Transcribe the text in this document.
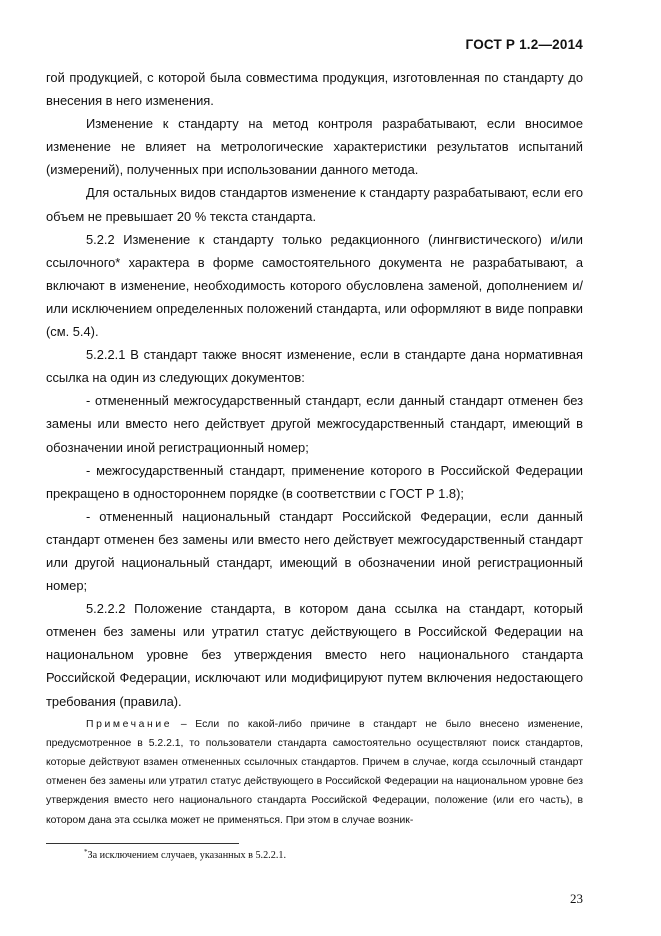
ГОСТ Р 1.2—2014

гой продукцией, с которой была совместима продукция, изготовленная по стандарту до внесения в него изменения.

Изменение к стандарту на метод контроля разрабатывают, если вносимое изменение не влияет на метрологические характеристики результатов испытаний (измерений), полученных при использовании данного метода.

Для остальных видов стандартов изменение к стандарту разрабатывают, если его объем не превышает 20 % текста стандарта.

5.2.2 Изменение к стандарту только редакционного (лингвистического) и/или ссылочного* характера в форме самостоятельного документа не разрабатывают, а включают в изменение, необходимость которого обусловлена заменой, дополнением и/или исключением определенных положений стандарта, или оформляют в виде поправки (см. 5.4).

5.2.2.1 В стандарт также вносят изменение, если в стандарте дана нормативная ссылка на один из следующих документов:

- отмененный межгосударственный стандарт, если данный стандарт отменен без замены или вместо него действует другой межгосударственный стандарт, имеющий в обозначении иной регистрационный номер;

- межгосударственный стандарт, применение которого в Российской Федерации прекращено в одностороннем порядке (в соответствии с ГОСТ Р 1.8);

- отмененный национальный стандарт Российской Федерации, если данный стандарт отменен без замены или вместо него действует межгосударственный стандарт или другой национальный стандарт, имеющий в обозначении иной регистрационный номер;

5.2.2.2 Положение стандарта, в котором дана ссылка на стандарт, который отменен без замены или утратил статус действующего в Российской Федерации на национальном уровне без утверждения вместо него национального стандарта Российской Федерации, исключают или модифицируют путем включения недостающего требования (правила).

Примечание – Если по какой-либо причине в стандарт не было внесено изменение, предусмотренное в 5.2.2.1, то пользователи стандарта самостоятельно осуществляют поиск стандартов, которые действуют взамен отмененных ссылочных стандартов. Причем в случае, когда ссылочный стандарт отменен без замены или утратил статус действующего в Российской Федерации на национальном уровне без утверждения вместо него национального стандарта Российской Федерации, положение (или его часть), в котором дана эта ссылка может не применяться. При этом в случае возник-

*За исключением случаев, указанных в 5.2.2.1.
23
